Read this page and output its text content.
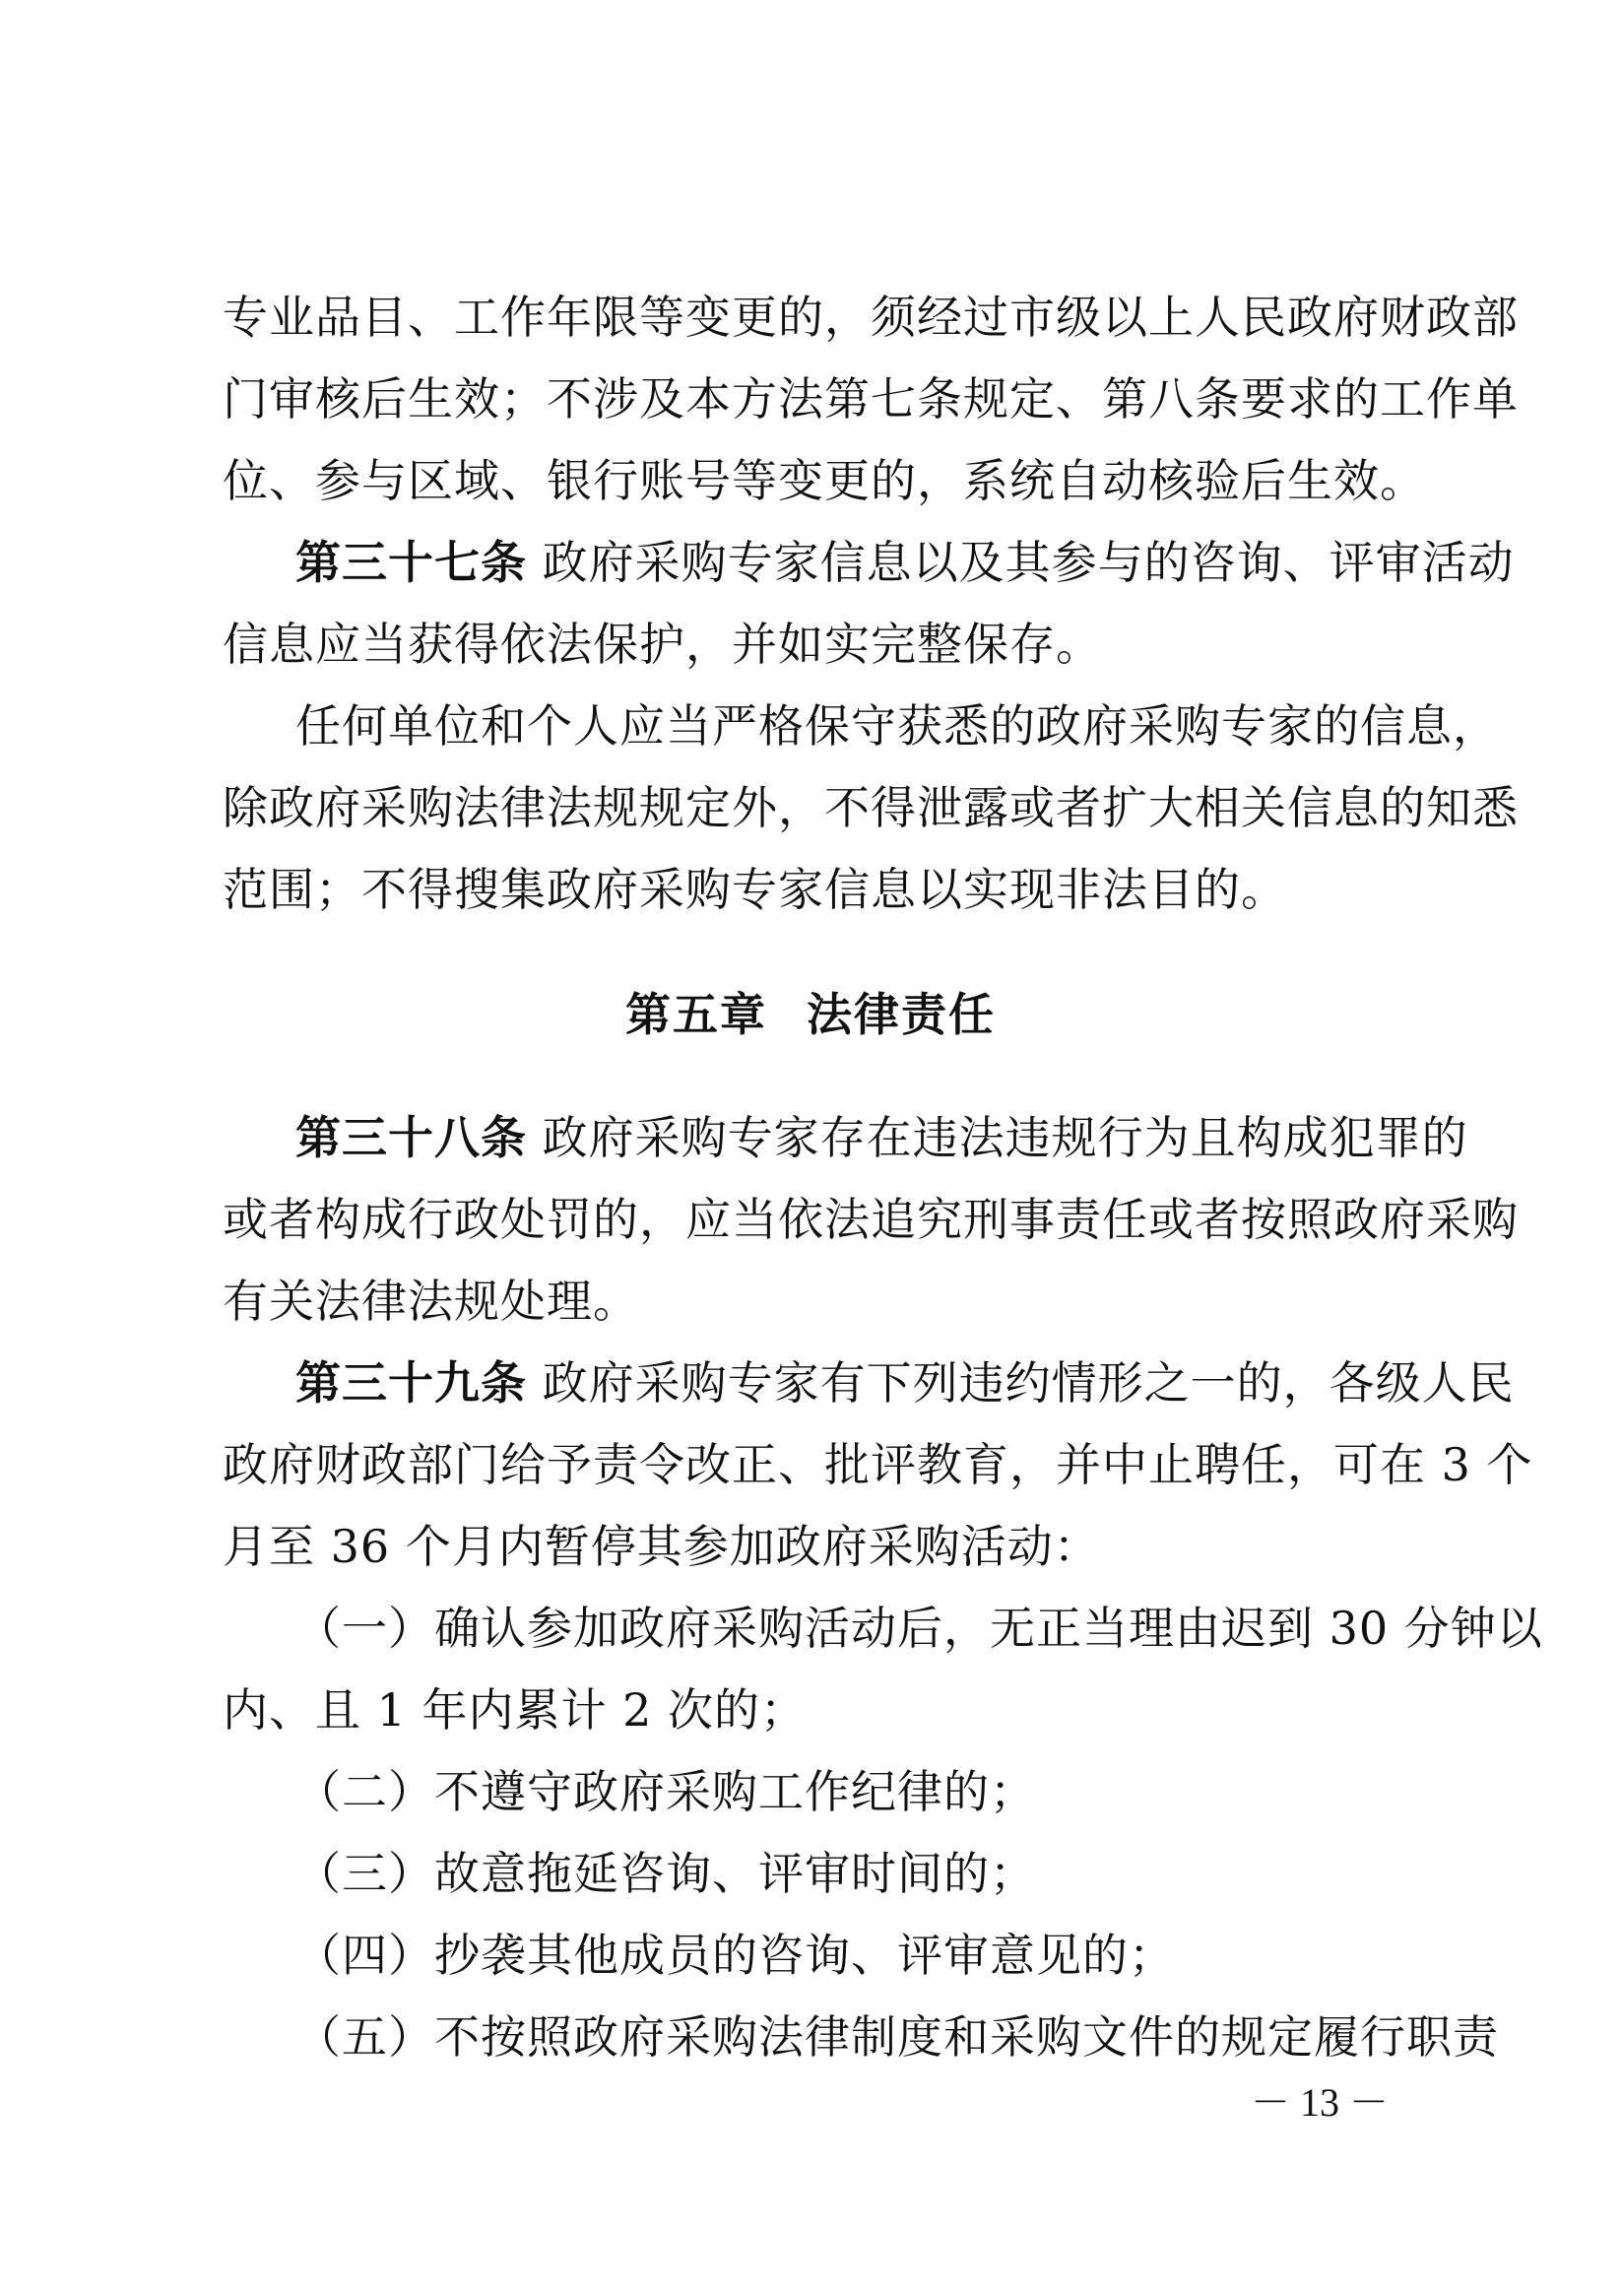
专业品目、工作年限等变更的，须经过市级以上人民政府财政部
门审核后生效；不涉及本方法第七条规定、第八条要求的工作单
位、参与区域、银行账号等变更的，系统自动核验后生效。
第三十七条 政府采购专家信息以及其参与的咨询、评审活动
信息应当获得依法保护，并如实完整保存。
任何单位和个人应当严格保守获悉的政府采购专家的信息，
除政府采购法律法规规定外，不得泄露或者扩大相关信息的知悉
范围；不得搜集政府采购专家信息以实现非法目的。
第五章 法律责任
第三十八条 政府采购专家存在违法违规行为且构成犯罪的
或者构成行政处罚的，应当依法追究刑事责任或者按照政府采购
有关法律法规处理。
第三十九条 政府采购专家有下列违约情形之一的，各级人民
政府财政部门给予责令改正、批评教育，并中止聘任，可在 3 个
月至 36 个月内暂停其参加政府采购活动：
（一）确认参加政府采购活动后，无正当理由迟到 30 分钟以
内、且 1 年内累计 2 次的；
（二）不遵守政府采购工作纪律的；
（三）故意拖延咨询、评审时间的；
（四）抄袭其他成员的咨询、评审意见的；
（五）不按照政府采购法律制度和采购文件的规定履行职责
－ 13 －
